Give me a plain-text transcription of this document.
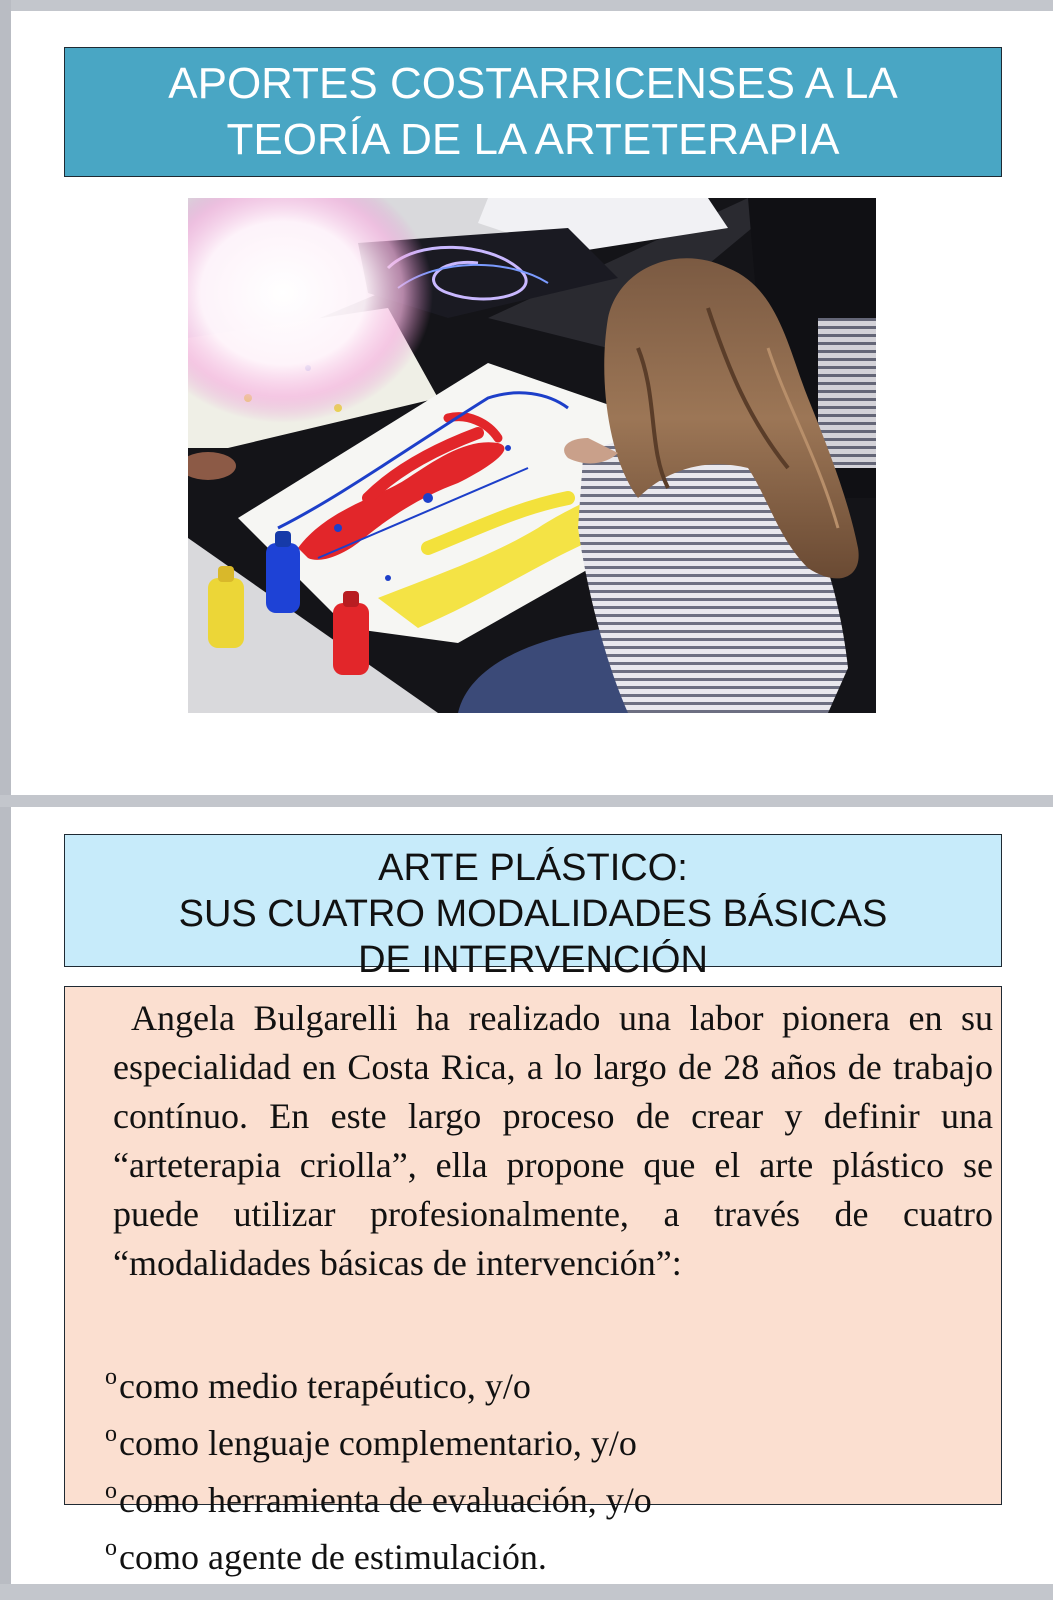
APORTES COSTARRICENSES A LA
TEORÍA DE LA ARTETERAPIA
ARTE PLÁSTICO:
SUS CUATRO MODALIDADES BÁSICAS
DE INTERVENCIÓN
Angela Bulgarelli ha realizado una labor pionera en su especialidad en Costa Rica, a lo largo de 28 años de trabajo contínuo. En este largo proceso de crear y definir una “arteterapia criolla”, ella propone que el arte plástico se puede utilizar profesionalmente, a través de cuatro “modalidades básicas de intervención”:
$^o$como medio terapéutico, y/o
$^o$como lenguaje complementario, y/o
$^o$como herramienta de evaluación, y/o
$^o$como agente de estimulación.
